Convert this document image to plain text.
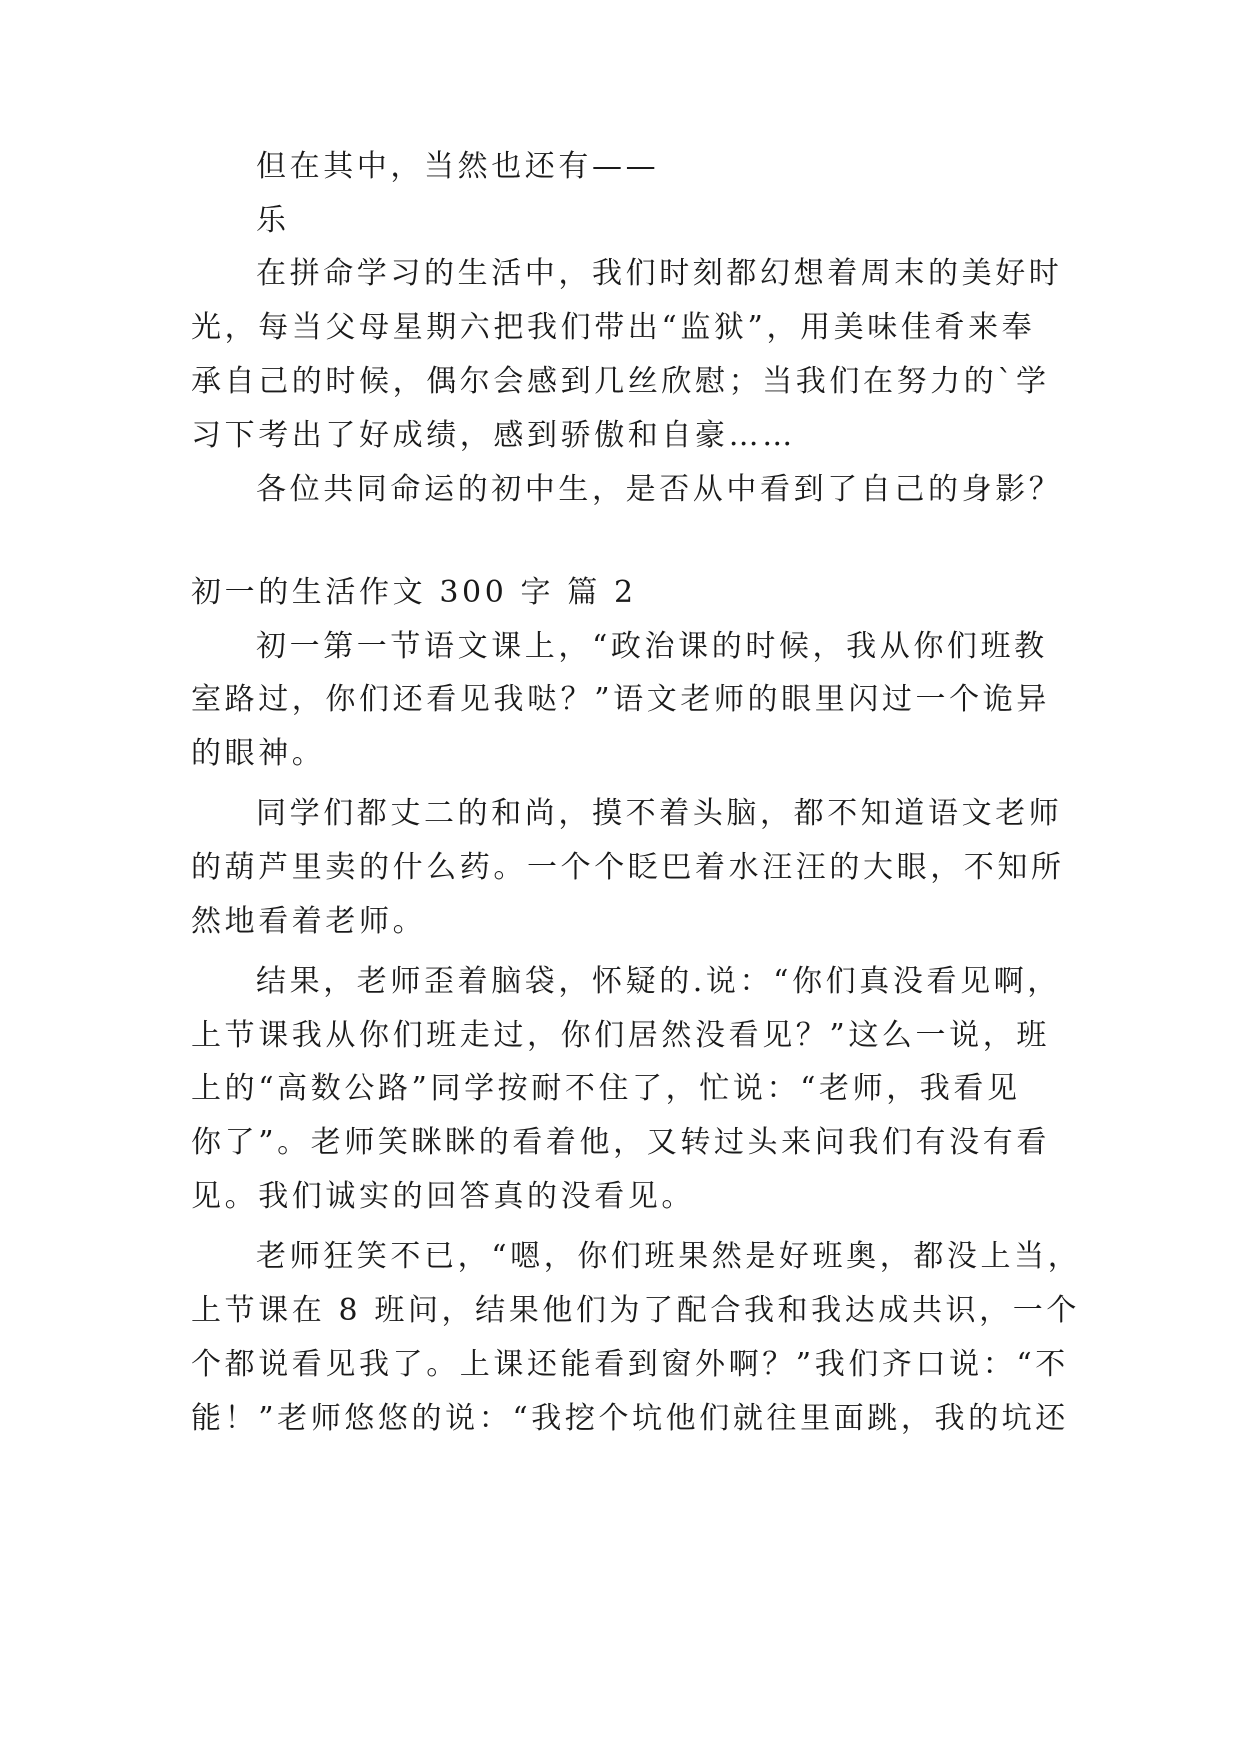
但在其中，当然也还有——
乐
在拼命学习的生活中，我们时刻都幻想着周末的美好时
光，每当父母星期六把我们带出“监狱”，用美味佳肴来奉
承自己的时候，偶尔会感到几丝欣慰；当我们在努力的`学
习下考出了好成绩，感到骄傲和自豪……
各位共同命运的初中生，是否从中看到了自己的身影？
初一的生活作文 300 字 篇 2
初一第一节语文课上，“政治课的时候，我从你们班教
室路过，你们还看见我哒？”语文老师的眼里闪过一个诡异
的眼神。
同学们都丈二的和尚，摸不着头脑，都不知道语文老师
的葫芦里卖的什么药。一个个眨巴着水汪汪的大眼，不知所
然地看着老师。
结果，老师歪着脑袋，怀疑的.说：“你们真没看见啊，
上节课我从你们班走过，你们居然没看见？”这么一说，班
上的“高数公路”同学按耐不住了，忙说：“老师，我看见
你了”。老师笑眯眯的看着他，又转过头来问我们有没有看
见。我们诚实的回答真的没看见。
老师狂笑不已，“嗯，你们班果然是好班奥，都没上当，
上节课在 8 班问，结果他们为了配合我和我达成共识，一个
个都说看见我了。上课还能看到窗外啊？”我们齐口说：“不
能！”老师悠悠的说：“我挖个坑他们就往里面跳，我的坑还
